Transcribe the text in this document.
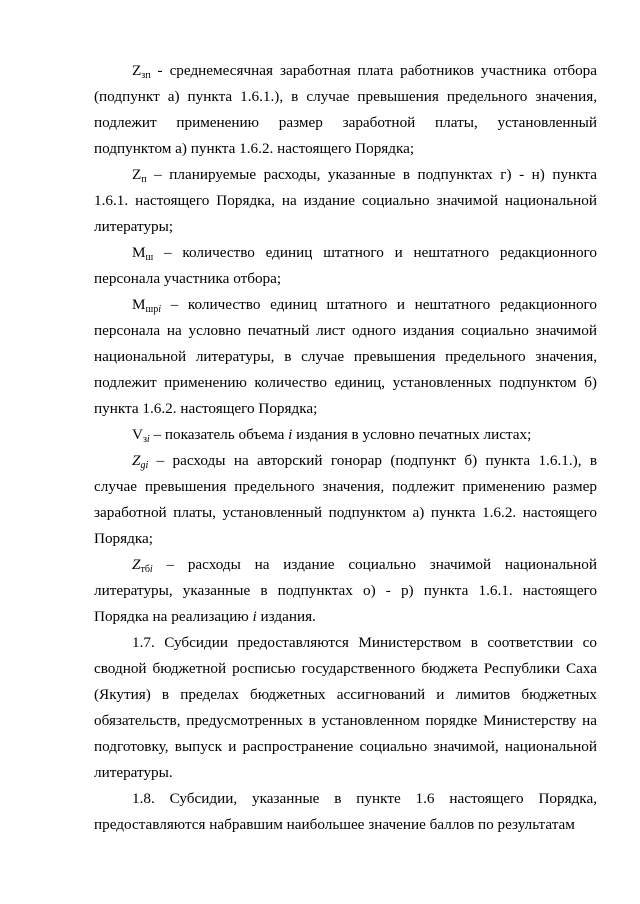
$Z_{зп}$ - среднемесячная заработная плата работников участника отбора (подпункт а) пункта 1.6.1.), в случае превышения предельного значения, подлежит применению размер заработной платы, установленный подпунктом а) пункта 1.6.2. настоящего Порядка;

$Z_п$ – планируемые расходы, указанные в подпунктах г) - н) пункта 1.6.1. настоящего Порядка, на издание социально значимой национальной литературы;

$M_ш$ – количество единиц штатного и нештатного редакционного персонала участника отбора;

$M_{шрi}$ – количество единиц штатного и нештатного редакционного персонала на условно печатный лист одного издания социально значимой национальной литературы, в случае превышения предельного значения, подлежит применению количество единиц, установленных подпунктом б) пункта 1.6.2. настоящего Порядка;

$V_{зi}$ – показатель объема i издания в условно печатных листах;

$Z_{gi}$ – расходы на авторский гонорар (подпункт б) пункта 1.6.1.), в случае превышения предельного значения, подлежит применению размер заработной платы, установленный подпунктом а) пункта 1.6.2. настоящего Порядка;

$Z_{тбi}$ – расходы на издание социально значимой национальной литературы, указанные в подпунктах о) - р) пункта 1.6.1. настоящего Порядка на реализацию i издания.

1.7. Субсидии предоставляются Министерством в соответствии со сводной бюджетной росписью государственного бюджета Республики Саха (Якутия) в пределах бюджетных ассигнований и лимитов бюджетных обязательств, предусмотренных в установленном порядке Министерству на подготовку, выпуск и распространение социально значимой, национальной литературы.

1.8. Субсидии, указанные в пункте 1.6 настоящего Порядка, предоставляются набравшим наибольшее значение баллов по результатам
